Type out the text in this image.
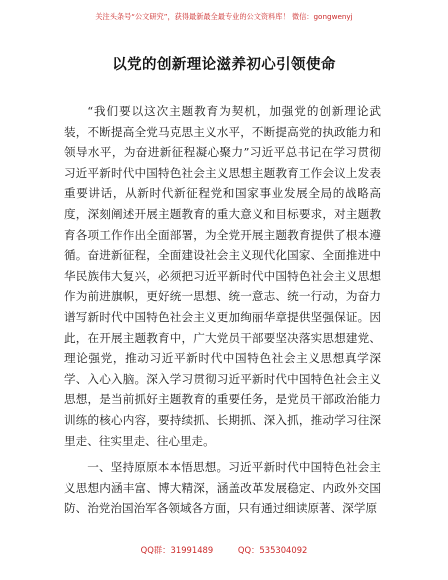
关注头条号“公文研究”，获得最新最全最专业的公文资料库！ 微信：gongwenyj
以党的创新理论滋养初心引领使命

“我们要以这次主题教育为契机，加强党的创新理论武装，不断提高全党马克思主义水平，不断提高党的执政能力和领导水平，为奋进新征程凝心聚力”习近平总书记在学习贯彻习近平新时代中国特色社会主义思想主题教育工作会议上发表重要讲话，从新时代新征程党和国家事业发展全局的战略高度，深刻阐述开展主题教育的重大意义和目标要求，对主题教育各项工作作出全面部署，为全党开展主题教育提供了根本遵循。奋进新征程，全面建设社会主义现代化国家、全面推进中华民族伟大复兴，必须把习近平新时代中国特色社会主义思想作为前进旗帜，更好统一思想、统一意志、统一行动，为奋力谱写新时代中国特色社会主义更加绚丽华章提供坚强保证。因此，在开展主题教育中，广大党员干部要坚决落实思想建党、理论强党，推动习近平新时代中国特色社会主义思想真学深学、入心入脑。深入学习贯彻习近平新时代中国特色社会主义思想，是当前抓好主题教育的重要任务，是党员干部政治能力训练的核心内容，要持续抓、长期抓、深入抓，推动学习往深里走、往实里走、往心里走。

一、坚持原原本本悟思想。习近平新时代中国特色社会主义思想内涵丰富、博大精深，涵盖改革发展稳定、内政外交国防、治党治国治军各领域各方面，只有通过细读原著、深学原

QQ群：31991489	QQ：535304092
